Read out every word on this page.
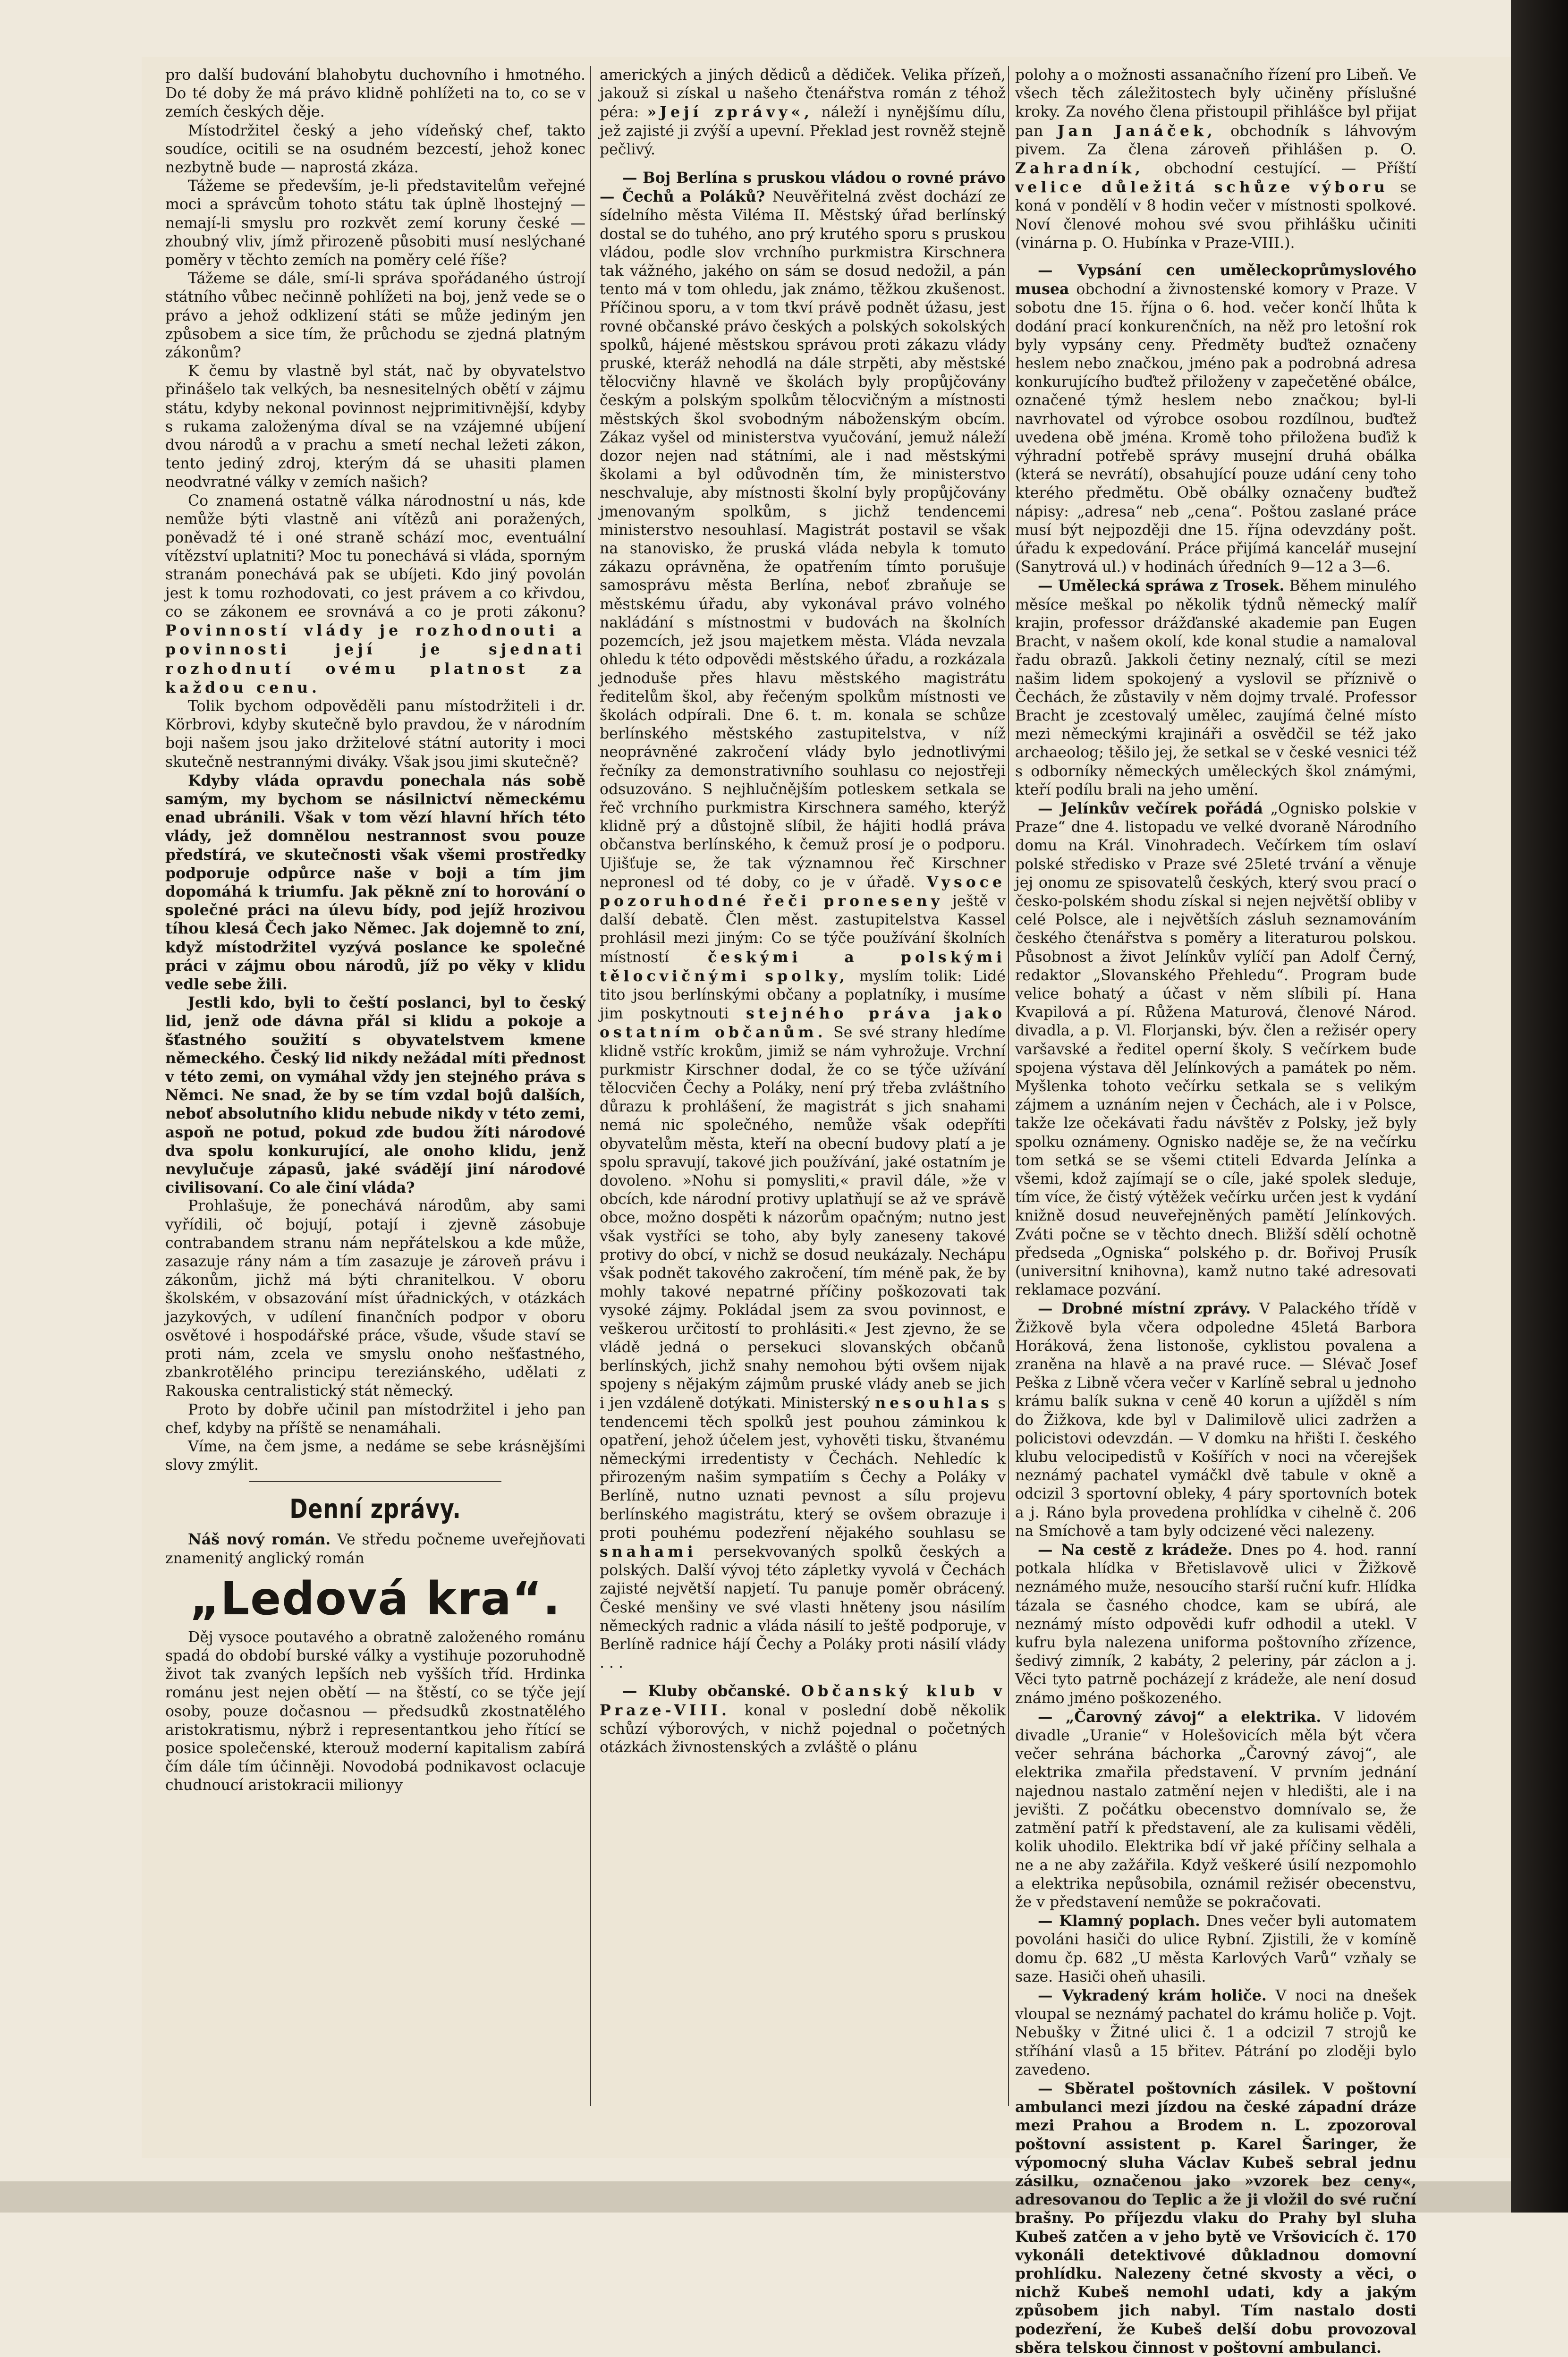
pro další budování blahobytu duchovního i hmotného. Do té doby že má právo klidně pohlížeti na to, co se v zemích českých děje.

Místodržitel český a jeho vídeňský chef, takto soudíce, ocitili se na osudném bezcestí, jehož konec nezbytně bude — naprostá zkáza.

Tážeme se především, je-li představitelům veřejné moci a správcům tohoto státu tak úplně lhostejný — nemají-li smyslu pro rozkvět zemí koruny české — zhoubný vliv, jímž přirozeně působiti musí neslýchané poměry v těchto zemích na poměry celé říše?

Tážeme se dále, smí-li správa spořádaného ústrojí státního vůbec nečinně pohlížeti na boj, jenž vede se o právo a jehož odklizení státi se může jediným jen způsobem a sice tím, že průchodu se zjedná platným zákonům?

K čemu by vlastně byl stát, nač by obyvatelstvo přinášelo tak velkých, ba nesnesitelných obětí v zájmu státu, kdyby nekonal povinnost nejprimitivnější, kdyby s rukama založenýma díval se na vzájemné ubíjení dvou národů a v prachu a smetí nechal ležeti zákon, tento jediný zdroj, kterým dá se uhasiti plamen neodvratné války v zemích našich?

Co znamená ostatně válka národnostní u nás, kde nemůže býti vlastně ani vítězů ani poražených, poněvadž té i oné straně schází moc, eventuální vítězství uplatniti? Moc tu ponechává si vláda, sporným stranám ponechává pak se ubíjeti. Kdo jiný povolán jest k tomu rozhodovati, co jest právem a co křivdou, co se zákonem ee srovnává a co je proti zákonu? Povinností vlády je rozhodnouti a povinnosti její je sjednati rozhodnutí ovému platnost za každou cenu.

Tolik bychom odpověděli panu místodržiteli i dr. Körbrovi, kdyby skutečně bylo pravdou, že v národním boji našem jsou jako držitelové státní autority i moci skutečně nestrannými diváky. Však jsou jimi skutečně?

Kdyby vláda opravdu ponechala nás sobě samým, my bychom se násilnictví německému enad ubránili. Však v tom vězí hlavní hřích této vlády, jež domnělou nestrannost svou pouze předstírá, ve skutečnosti však všemi prostředky podporuje odpůrce naše v boji a tím jim dopomáhá k triumfu. Jak pěkně zní to horování o společné práci na úlevu bídy, pod jejíž hrozivou tíhou klesá Čech jako Němec. Jak dojemně to zní, když místodržitel vyzývá poslance ke společné práci v zájmu obou národů, jíž po věky v klidu vedle sebe žili.

Jestli kdo, byli to čeští poslanci, byl to český lid, jenž ode dávna přál si klidu a pokoje a šťastného soužití s obyvatelstvem kmene německého. Český lid nikdy nežádal míti přednost v této zemi, on vymáhal vždy jen stejného práva s Němci. Ne snad, že by se tím vzdal bojů dalších, neboť absolutního klidu nebude nikdy v této zemi, aspoň ne potud, pokud zde budou žíti národové dva spolu konkurující, ale onoho klidu, jenž nevylučuje zápasů, jaké svádějí jiní národové civilisovaní. Co ale činí vláda?

Prohlašuje, že ponechává národům, aby sami vyřídili, oč bojují, potají i zjevně zásobuje contrabandem stranu nám nepřátelskou a kde může, zasazuje rány nám a tím zasazuje je zároveň právu i zákonům, jichž má býti chranitelkou. V oboru školském, v obsazování míst úřadnických, v otázkách jazykových, v udílení finančních podpor v oboru osvětové i hospodářské práce, všude, všude staví se proti nám, zcela ve smyslu onoho nešťastného, zbankrotělého principu tereziánského, udělati z Rakouska centralistický stát německý.

Proto by dobře učinil pan místodržitel i jeho pan chef, kdyby na příště se nenamáhali.

Víme, na čem jsme, a nedáme se sebe krásnějšími slovy zmýlit.

Denní zprávy.

Náš nový román. Ve středu počneme uveřejňovati znamenitý anglický román

„Ledová kra“.

Děj vysoce poutavého a obratně založeného románu spadá do období burské války a vystihuje pozoruhodně život tak zvaných lepších neb vyšších tříd. Hrdinka románu jest nejen obětí — na štěstí, co se týče její osoby, pouze dočasnou — předsudků zkostnatělého aristokratismu, nýbrž i representantkou jeho řítící se posice společenské, kterouž moderní kapitalism zabírá čím dále tím účinněji. Novodobá podnikavost oclacuje chudnoucí aristokracii milionyy

amerických a jiných dědiců a dědiček. Velika přízeň, jakouž si získal u našeho čtenářstva román z téhož péra: »Její zprávy«, náleží i nynějšímu dílu, jež zajisté ji zvýší a upevní. Překlad jest rovněž stejně pečlivý.

— Boj Berlína s pruskou vládou o rovné právo — Čechů a Poláků? Neuvěřitelná zvěst dochází ze sídelního města Viléma II. Městský úřad berlínský dostal se do tuhého, ano prý krutého sporu s pruskou vládou, podle slov vrchního purkmistra Kirschnera tak vážného, jakého on sám se dosud nedožil, a pán tento má v tom ohledu, jak známo, těžkou zkušenost. Příčinou sporu, a v tom tkví právě podnět úžasu, jest rovné občanské právo českých a polských sokolských spolků, hájené městskou správou proti zákazu vlády pruské, kteráž nehodlá na dále strpěti, aby městské tělocvičny hlavně ve školách byly propůjčovány českým a polským spolkům tělocvičným a místnosti městských škol svobodným náboženským obcím. Zákaz vyšel od ministerstva vyučování, jemuž náleží dozor nejen nad státními, ale i nad městskými školami a byl odůvodněn tím, že ministerstvo neschvaluje, aby místnosti školní byly propůjčovány jmenovaným spolkům, s jichž tendencemi ministerstvo nesouhlasí. Magistrát postavil se však na stanovisko, že pruská vláda nebyla k tomuto zákazu oprávněna, že opatřením tímto porušuje samosprávu města Berlína, neboť zbraňuje se městskému úřadu, aby vykonával právo volného nakládání s místnostmi v budovách na školních pozemcích, jež jsou majetkem města. Vláda nevzala ohledu k této odpovědi městského úřadu, a rozkázala jednoduše přes hlavu městského magistrátu ředitelům škol, aby řečeným spolkům místnosti ve školách odpírali. Dne 6. t. m. konala se schůze berlínského městského zastupitelstva, v níž neoprávněné zakročení vlády bylo jednotlivými řečníky za demonstrativního souhlasu co nejostřeji odsuzováno. S nejhlučnějším potleskem setkala se řeč vrchního purkmistra Kirschnera samého, kterýž klidně prý a důstojně slíbil, že hájiti hodlá práva občanstva berlínského, k čemuž prosí je o podporu. Ujišťuje se, že tak významnou řeč Kirschner nepronesl od té doby, co je v úřadě. Vysoce pozoruhodné řeči proneseny ještě v další debatě. Člen měst. zastupitelstva Kassel prohlásil mezi jiným: Co se týče používání školních místností	českými a polskými tělocvičnými spolky, myslím tolik: Lidé tito jsou berlínskými občany a poplatníky, i musíme jim poskytnouti stejného práva jako ostatním občanům. Se své strany hledíme klidně vstříc krokům, jimiž se nám vyhrožuje. Vrchní purkmistr Kirschner dodal, že co se týče užívání tělocvičen Čechy a Poláky, není prý třeba zvláštního důrazu k prohlášení, že magistrát s jich snahami nemá nic společného, nemůže však odepříti obyvatelům města, kteří na obecní budovy platí a je spolu spravují, takové jich používání, jaké ostatním je dovoleno. »Nohu si pomysliti,« pravil dále, »že v obcích, kde národní protivy uplatňují se až ve správě obce, možno dospěti k názorům opačným; nutno jest však vystříci se toho, aby byly zaneseny takové protivy do obcí, v nichž se dosud neukázaly. Nechápu však podnět takového zakročení, tím méně pak, že by mohly takové nepatrné příčiny poškozovati tak vysoké zájmy. Pokládal jsem za svou povinnost, e veškerou určitostí to prohlásiti.« Jest zjevno, že se vládě jedná o persekuci slovanských občanů berlínských, jichž snahy nemohou býti ovšem nijak spojeny s nějakým zájmům pruské vlády aneb se jich i jen vzdáleně dotýkati. Ministerský nesouhlas s tendencemi těch spolků jest pouhou záminkou k opatření, jehož účelem jest, vyhověti tisku, štvanému německými irredentisty v Čechách. Nehledíc k přirozeným našim sympatiím s Čechy a Poláky v Berlíně, nutno uznati pevnost a sílu projevu berlínského magistrátu, který se ovšem obrazuje i proti pouhému podezření nějakého souhlasu se snahami persekvovaných spolků českých a polských. Další vývoj této zápletky vyvolá v Čechách zajisté největší napjetí. Tu panuje poměr obrácený. České menšiny ve své vlasti hněteny jsou násilím německých radnic a vláda násilí to ještě podporuje, v Berlíně radnice hájí Čechy a Poláky proti násilí vlády . . .

— Kluby občanské. Občanský klub v Praze-VIII. konal v poslední době několik schůzí výborových, v nichž pojednal o početných otázkách živnostenských a zvláště o plánu

polohy a o možnosti assanačního řízení pro Libeň. Ve všech těch záležitostech byly učiněny příslušné kroky. Za nového člena přistoupil přihlášce byl přijat pan Jan Janáček, obchodník s láhvovým pivem. Za člena zároveň přihlášen p. O. Zahradník, obchodní cestující. — Příští velice důležitá schůze výboru se koná v pondělí v 8 hodin večer v místnosti spolkové. Noví členové mohou své svou přihlášku učiniti (vinárna p. O. Hubínka v Praze-VIII.).

— Vypsání cen uměleckoprůmyslového musea obchodní a živnostenské komory v Praze. V sobotu dne 15. října o 6. hod. večer končí lhůta k dodání prací konkurenčních, na něž pro letošní rok byly vypsány ceny. Předměty buďtež označeny heslem nebo značkou, jméno pak a podrobná adresa konkurujícího buďtež přiloženy v zapečetěné obálce, označené týmž heslem nebo značkou; byl-li navrhovatel od výrobce osobou rozdílnou, buďtež uvedena obě jména. Kromě toho přiložena buďiž k výhradní potřebě správy musejní druhá obálka (která se nevrátí), obsahující pouze udání ceny toho kterého předmětu. Obě obálky označeny buďtež nápisy: „adresa“ neb „cena“. Poštou zaslané práce musí být nejpozději dne 15. října odevzdány pošt. úřadu k expedování. Práce přijímá kancelář musejní (Sanytrová ul.) v hodinách úředních 9—12 a 3—6.

— Umělecká spráwa z Trosek. Během minulého měsíce meškal po několik týdnů německý malíř krajin, professor drážďanské akademie pan Eugen Bracht, v našem okolí, kde konal studie a namaloval řadu obrazů. Jakkoli četiny neznalý, cítil se mezi našim lidem spokojený a vyslovil se příznivě o Čechách, že zůstavily v něm dojmy trvalé. Professor Bracht je zcestovalý umělec, zaujímá čelné místo mezi německými krajináři a osvědčil se též jako archaeolog; těšilo jej, že setkal se v české vesnici též s odborníky německých uměleckých škol známými, kteří podílu brali na jeho umění.

— Jelínkův večírek pořádá „Ognisko polskie v Praze“ dne 4. listopadu ve velké dvoraně Národního domu na Král. Vinohradech. Večírkem tím oslaví polské středisko v Praze své 25leté trvání a věnuje jej onomu ze spisovatelů českých, který svou prací o česko-polském shodu získal si nejen největší obliby v celé Polsce, ale i největších zásluh seznamováním českého čtenářstva s poměry a literaturou polskou. Působnost a život Jelínkův vylíčí pan Adolf Černý, redaktor „Slovanského Přehledu“. Program bude velice bohatý a účast v něm slíbili pí. Hana Kvapilová a pí. Růžena Maturová, členové Národ. divadla, a p. Vl. Florjanski, býv. člen a režisér opery varšavské a ředitel operní školy. S večírkem bude spojena výstava děl Jelínkových a památek po něm. Myšlenka tohoto večírku setkala se s velikým zájmem a uznáním nejen v Čechách, ale i v Polsce, takže lze očekávati řadu návštěv z Polsky, jež byly spolku oznámeny. Ognisko naděje se, že na večírku tom setká se se všemi ctiteli Edvarda Jelínka a všemi, kdož zajímají se o cíle, jaké spolek sleduje, tím více, že čistý výtěžek večírku určen jest k vydání knižně dosud neuveřejněných pamětí Jelínkových. Zváti počne se v těchto dnech. Bližší sdělí ochotně předseda „Ogniska“ polského p. dr. Bořivoj Prusík (universitní knihovna), kamž nutno také adresovati reklamace pozvání.

— Drobné místní zprávy. V Palackého třídě v Žižkově byla včera odpoledne 45letá Barbora Horáková, žena listonoše, cyklistou povalena a zraněna na hlavě a na pravé ruce. — Slévač Josef Peška z Libně včera večer v Karlíně sebral u jednoho krámu balík sukna v ceně 40 korun a ujížděl s ním do Žižkova, kde byl v Dalimilově ulici zadržen a policistovi odevzdán. — V domku na hřišti I. českého klubu velocipedistů v Košířích v noci na včerejšek neznámý pachatel vymáčkl dvě tabule v okně a odcizil 3 sportovní obleky, 4 páry sportovních botek a j. Ráno byla provedena prohlídka v cihelně č. 206 na Smíchově a tam byly odcizené věci nalezeny.

— Na cestě z krádeže. Dnes po 4. hod. ranní potkala hlídka v Břetislavově ulici v Žižkově neznámého muže, nesoucího starší ruční kufr. Hlídka tázala se časného chodce, kam se ubírá, ale neznámý místo odpovědi kufr odhodil a utekl. V kufru byla nalezena uniforma poštovního zřízence, šedivý zimník, 2 kabáty, 2 peleriny, pár záclon a j. Věci tyto patrně pocházejí z krádeže, ale není dosud známo jméno poškozeného.

— „Čarovný závoj“ a elektrika. V lidovém divadle „Uranie“ v Holešovicích měla být včera večer sehrána báchorka „Čarovný závoj“, ale elektrika zmařila představení. V prvním jednání najednou nastalo zatmění nejen v hledišti, ale i na jevišti. Z počátku obecenstvo domnívalo se, že zatmění patří k představení, ale za kulisami věděli, kolik uhodilo. Elektrika bdí vř jaké příčiny selhala a ne a ne aby zažářila. Když veškeré úsilí nezpomohlo a elektrika nepůsobila, oznámil režisér obecenstvu, že v představení nemůže se pokračovati.

— Klamný poplach. Dnes večer byli automatem povoláni hasiči do ulice Rybní. Zjistili, že v komíně domu čp. 682 „U města Karlových Varů“ vzňaly se saze. Hasiči oheň uhasili.

— Vykradený krám holiče. V noci na dnešek vloupal se neznámý pachatel do krámu holiče p. Vojt. Nebušky v Žitné ulici č. 1 a odcizil 7 strojů ke stříhání vlasů a 15 břitev. Pátrání po zloději bylo zavedeno.

— Sběratel poštovních zásilek. V poštovní ambulanci mezi jízdou na české západní dráze mezi Prahou a Brodem n. L. zpozoroval poštovní assistent p. Karel Šaringer, že výpomocný sluha Václav Kubeš sebral jednu zásilku, označenou jako »vzorek bez ceny«, adresovanou do Teplic a že ji vložil do své ruční brašny. Po příjezdu vlaku do Prahy byl sluha Kubeš zatčen a v jeho bytě ve Vršovicích č. 170 vykonáli detektivové důkladnou domovní prohlídku. Nalezeny četné skvosty a věci, o nichž Kubeš nemohl udati, kdy a jakým způsobem jich nabyl. Tím nastalo dosti podezření, že Kubeš delší dobu provozoval sběra telskou činnost v poštovní ambulanci.
